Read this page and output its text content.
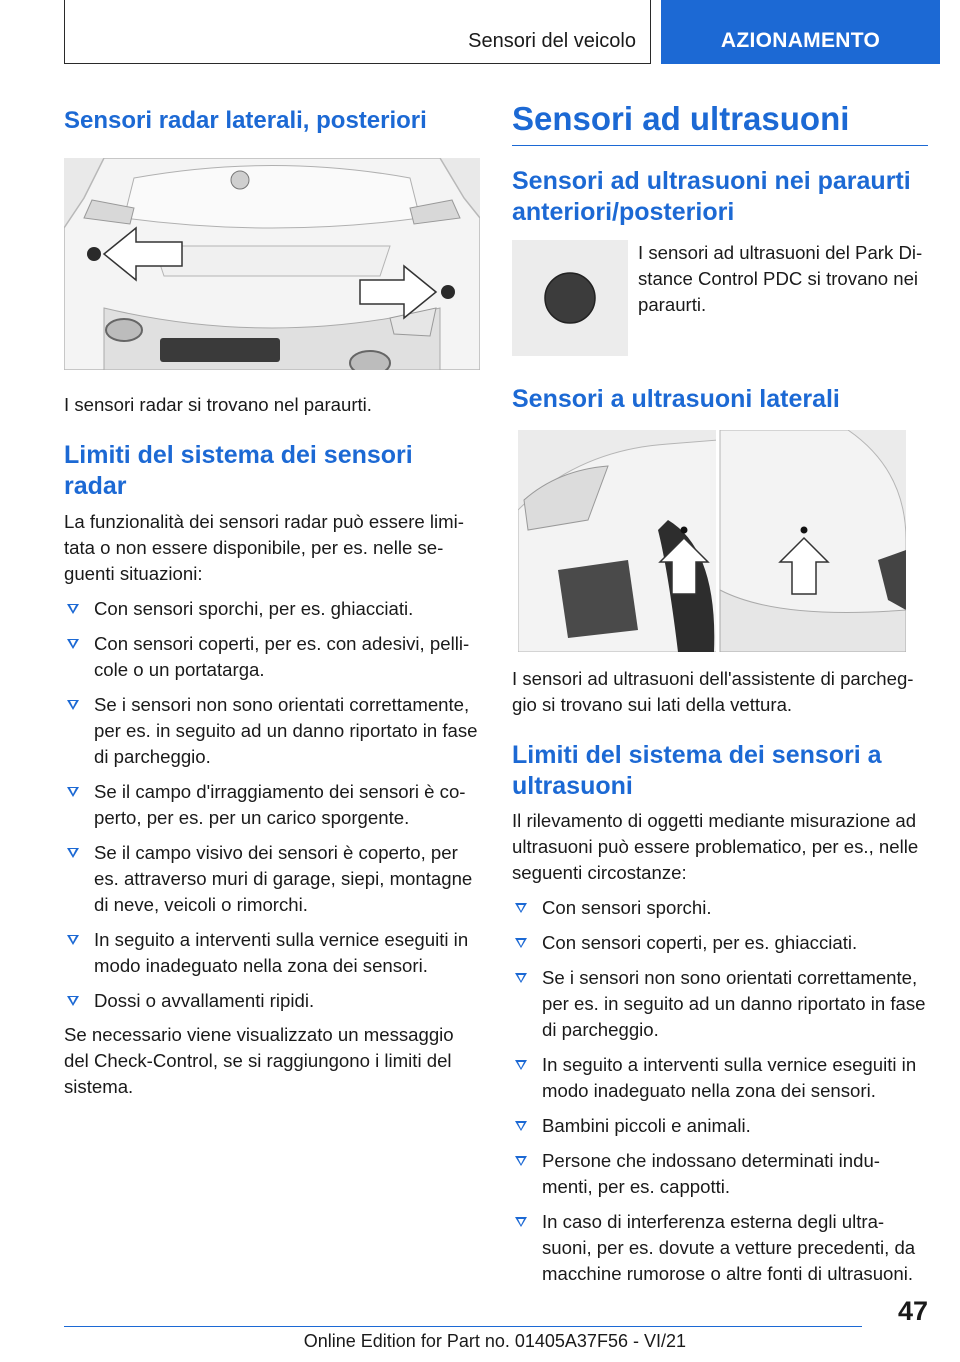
Sensori del veicolo	AZIONAMENTO
Sensori radar laterali, posteriori

I sensori radar si trovano nel paraurti.

Limiti del sistema dei sensori radar

La funzionalità dei sensori radar può essere limi-tata o non essere disponibile, per es. nelle se-guenti situazioni:

Con sensori sporchi, per es. ghiacciati.
Con sensori coperti, per es. con adesivi, pelli-cole o un portatarga.
Se i sensori non sono orientati correttamente, per es. in seguito ad un danno riportato in fase di parcheggio.
Se il campo d'irraggiamento dei sensori è co-perto, per es. per un carico sporgente.
Se il campo visivo dei sensori è coperto, per es. attraverso muri di garage, siepi, montagne di neve, veicoli o rimorchi.
In seguito a interventi sulla vernice eseguiti in modo inadeguato nella zona dei sensori.
Dossi o avvallamenti ripidi.

Se necessario viene visualizzato un messaggio del Check-Control, se si raggiungono i limiti del sistema.

Sensori ad ultrasuoni
Sensori ad ultrasuoni nei paraurti anteriori/posteriori

I sensori ad ultrasuoni del Park Di-stance Control PDC si trovano nei paraurti.

Sensori a ultrasuoni laterali

I sensori ad ultrasuoni dell'assistente di parcheg-gio si trovano sui lati della vettura.

Limiti del sistema dei sensori a ultrasuoni

Il rilevamento di oggetti mediante misurazione ad ultrasuoni può essere problematico, per es., nelle seguenti circostanze:

Con sensori sporchi.
Con sensori coperti, per es. ghiacciati.
Se i sensori non sono orientati correttamente, per es. in seguito ad un danno riportato in fase di parcheggio.
In seguito a interventi sulla vernice eseguiti in modo inadeguato nella zona dei sensori.
Bambini piccoli e animali.
Persone che indossano determinati indu-menti, per es. cappotti.
In caso di interferenza esterna degli ultra-suoni, per es. dovute a vetture precedenti, da macchine rumorose o altre fonti di ultrasuoni.
47
Online Edition for Part no. 01405A37F56 - VI/21
